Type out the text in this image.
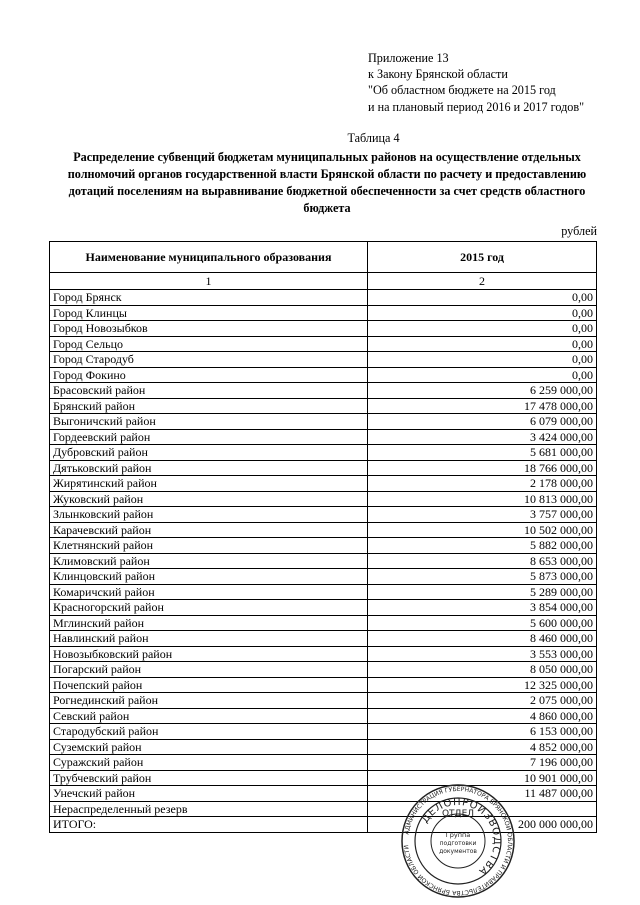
Приложение 13
к Закону Брянской области
"Об областном бюджете на 2015 год
и на плановый период 2016 и 2017 годов"
Таблица 4
Распределение субвенций бюджетам муниципальных районов на осуществление отдельных полномочий органов государственной власти Брянской области по расчету и предоставлению дотаций поселениям на выравнивание бюджетной обеспеченности за счет средств областного бюджета
рублей
Наименование муниципального образования	2015 год
1	2
Город Брянск	0,00
Город Клинцы	0,00
Город Новозыбков	0,00
Город Сельцо	0,00
Город Стародуб	0,00
Город Фокино	0,00
Брасовский район	6 259 000,00
Брянский район	17 478 000,00
Выгоничский район	6 079 000,00
Гордеевский район	3 424 000,00
Дубровский район	5 681 000,00
Дятьковский район	18 766 000,00
Жирятинский район	2 178 000,00
Жуковский район	10 813 000,00
Злынковский район	3 757 000,00
Карачевский район	10 502 000,00
Клетнянский район	5 882 000,00
Климовский район	8 653 000,00
Клинцовский район	5 873 000,00
Комаричский район	5 289 000,00
Красногорский район	3 854 000,00
Мглинский район	5 600 000,00
Навлинский район	8 460 000,00
Новозыбковский район	3 553 000,00
Погарский район	8 050 000,00
Почепский район	12 325 000,00
Рогнединский район	2 075 000,00
Севский район	4 860 000,00
Стародубский район	6 153 000,00
Суземский район	4 852 000,00
Суражский район	7 196 000,00
Трубчевский район	10 901 000,00
Унечский район	11 487 000,00
Нераспределенный резерв	
ИТОГО:	200 000 000,00
АДМИНИСТРАЦИЯ ГУБЕРНАТОРА БРЯНСКОЙ ОБЛАСТИ И ПРАВИТЕЛЬСТВА БРЯНСКОЙ ОБЛАСТИ
ДЕЛОПРОИЗВОДСТВА
ОТДЕЛ
Группа
подготовки
документов
